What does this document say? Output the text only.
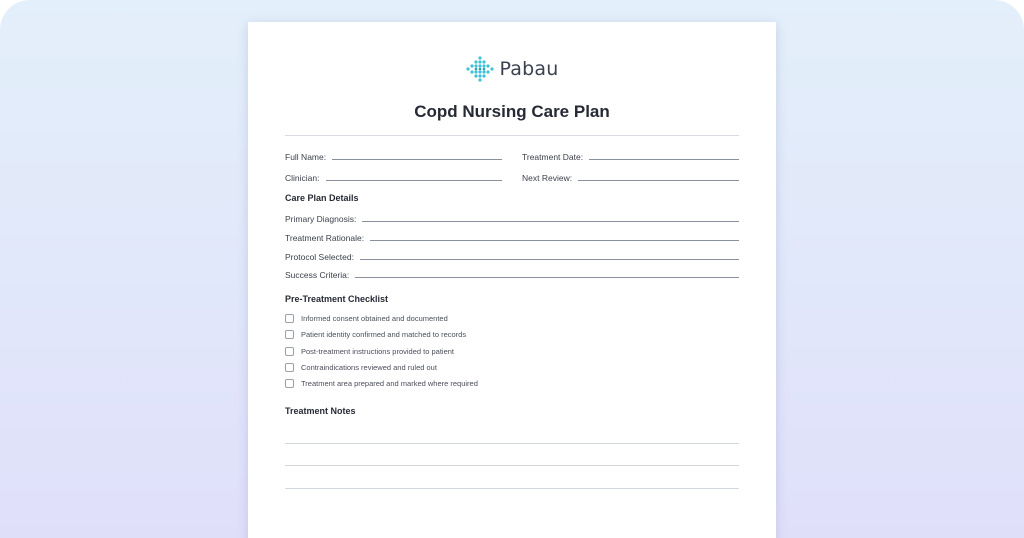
Pabau
Copd Nursing Care Plan
Full Name:	Treatment Date:
Clinician:	Next Review:
Care Plan Details
Primary Diagnosis:
Treatment Rationale:
Protocol Selected:
Success Criteria:
Pre-Treatment Checklist
Informed consent obtained and documented
Patient identity confirmed and matched to records
Post-treatment instructions provided to patient
Contraindications reviewed and ruled out
Treatment area prepared and marked where required
Treatment Notes
